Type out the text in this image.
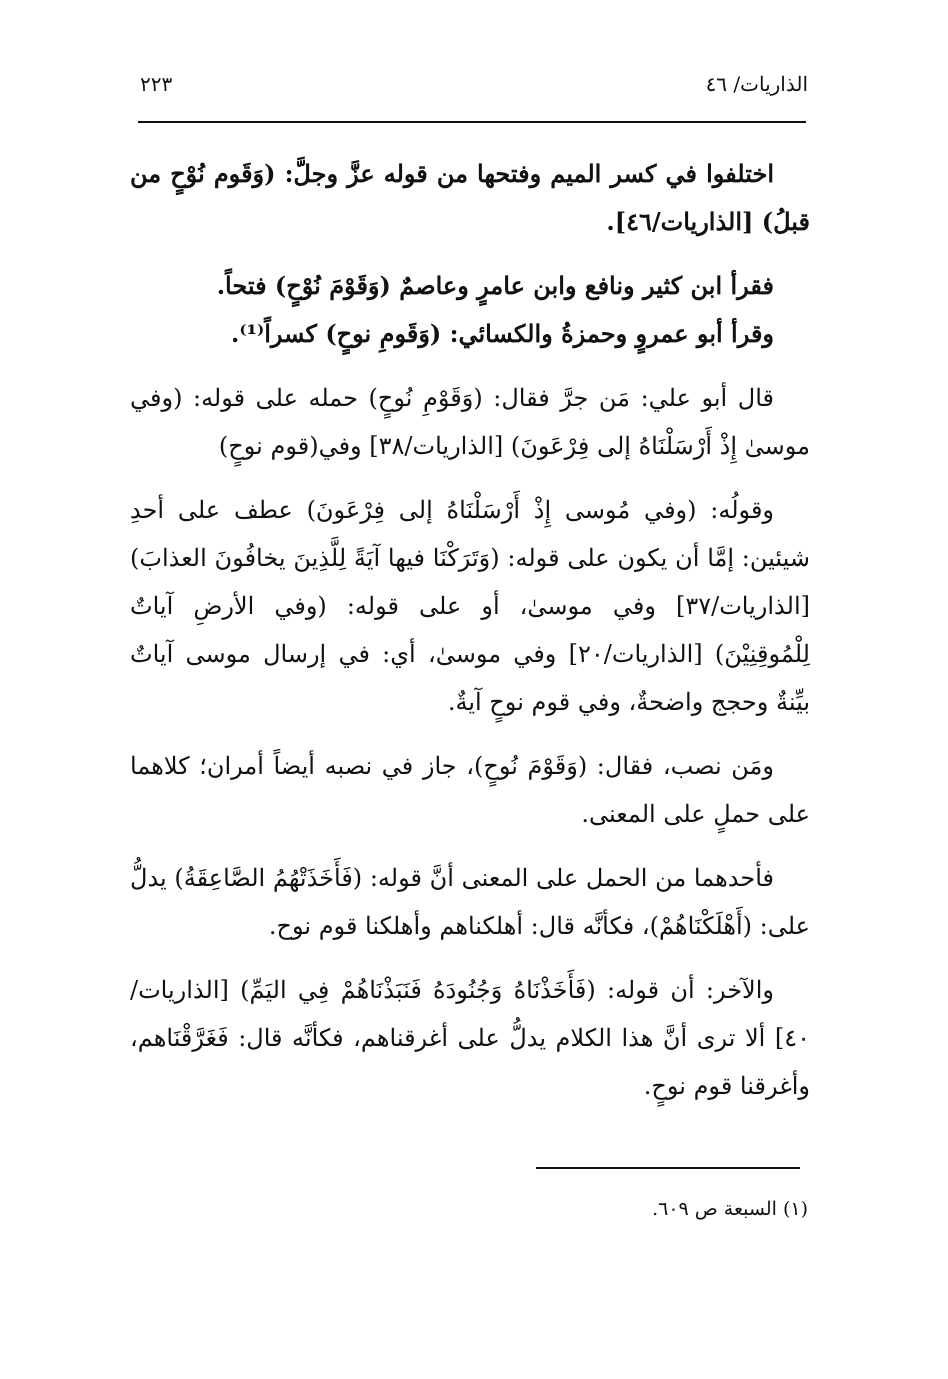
الذاريات/ ٤٦
٢٢٣

اختلفوا في كسر الميم وفتحها من قوله عزَّ وجلَّ: (وَقَوم نُوْحٍ من قبلُ) [الذاريات/٤٦].

فقرأ ابن كثير ونافع وابن عامرٍ وعاصمٌ (وَقَوْمَ نُوْحٍ) فتحاً.
وقرأ أبو عمروٍ وحمزةُ والكسائي: (وَقَومِ نوحٍ) كسراً⁽¹⁾.

قال أبو علي: مَن جرَّ فقال: (وَقَوْمِ نُوحٍ) حمله على قوله: (وفي موسىٰ إِذْ أَرْسَلْنَاهُ إلى فِرْعَونَ) [الذاريات/٣٨] وفي(قوم نوحٍ)

وقولُه: (وفي مُوسى إِذْ أَرْسَلْنَاهُ إلى فِرْعَونَ) عطف على أحدِ شيئين: إمَّا أن يكون على قوله: (وَتَرَكْنَا فيها آيَةً لِلَّذِينَ يخافُونَ العذابَ) [الذاريات/٣٧] وفي موسىٰ، أو على قوله: (وفي الأرضِ آياتٌ لِلْمُوقِنِيْنَ) [الذاريات/٢٠] وفي موسىٰ، أي: في إرسال موسى آياتٌ بيِّنةٌ وحجج واضحةٌ، وفي قوم نوحٍ آيةٌ.

ومَن نصب، فقال: (وَقَوْمَ نُوحٍ)، جاز في نصبه أيضاً أمران؛ كلاهما على حملٍ على المعنى.

فأحدهما من الحمل على المعنى أنَّ قوله: (فَأَخَذَتْهُمُ الصَّاعِقَةُ) يدلُّ على: (أَهْلَكْنَاهُمْ)، فكأنَّه قال: أهلكناهم وأهلكنا قوم نوح.

والآخر: أن قوله: (فَأَخَذْنَاهُ وَجُنُودَهُ فَنَبَذْنَاهُمْ فِي اليَمِّ) [الذاريات/ ٤٠] ألا ترى أنَّ هذا الكلام يدلُّ على أغرقناهم، فكأنَّه قال: فَغَرَّقْنَاهم، وأغرقنا قوم نوحٍ.

(١) السبعة ص ٦٠٩.
